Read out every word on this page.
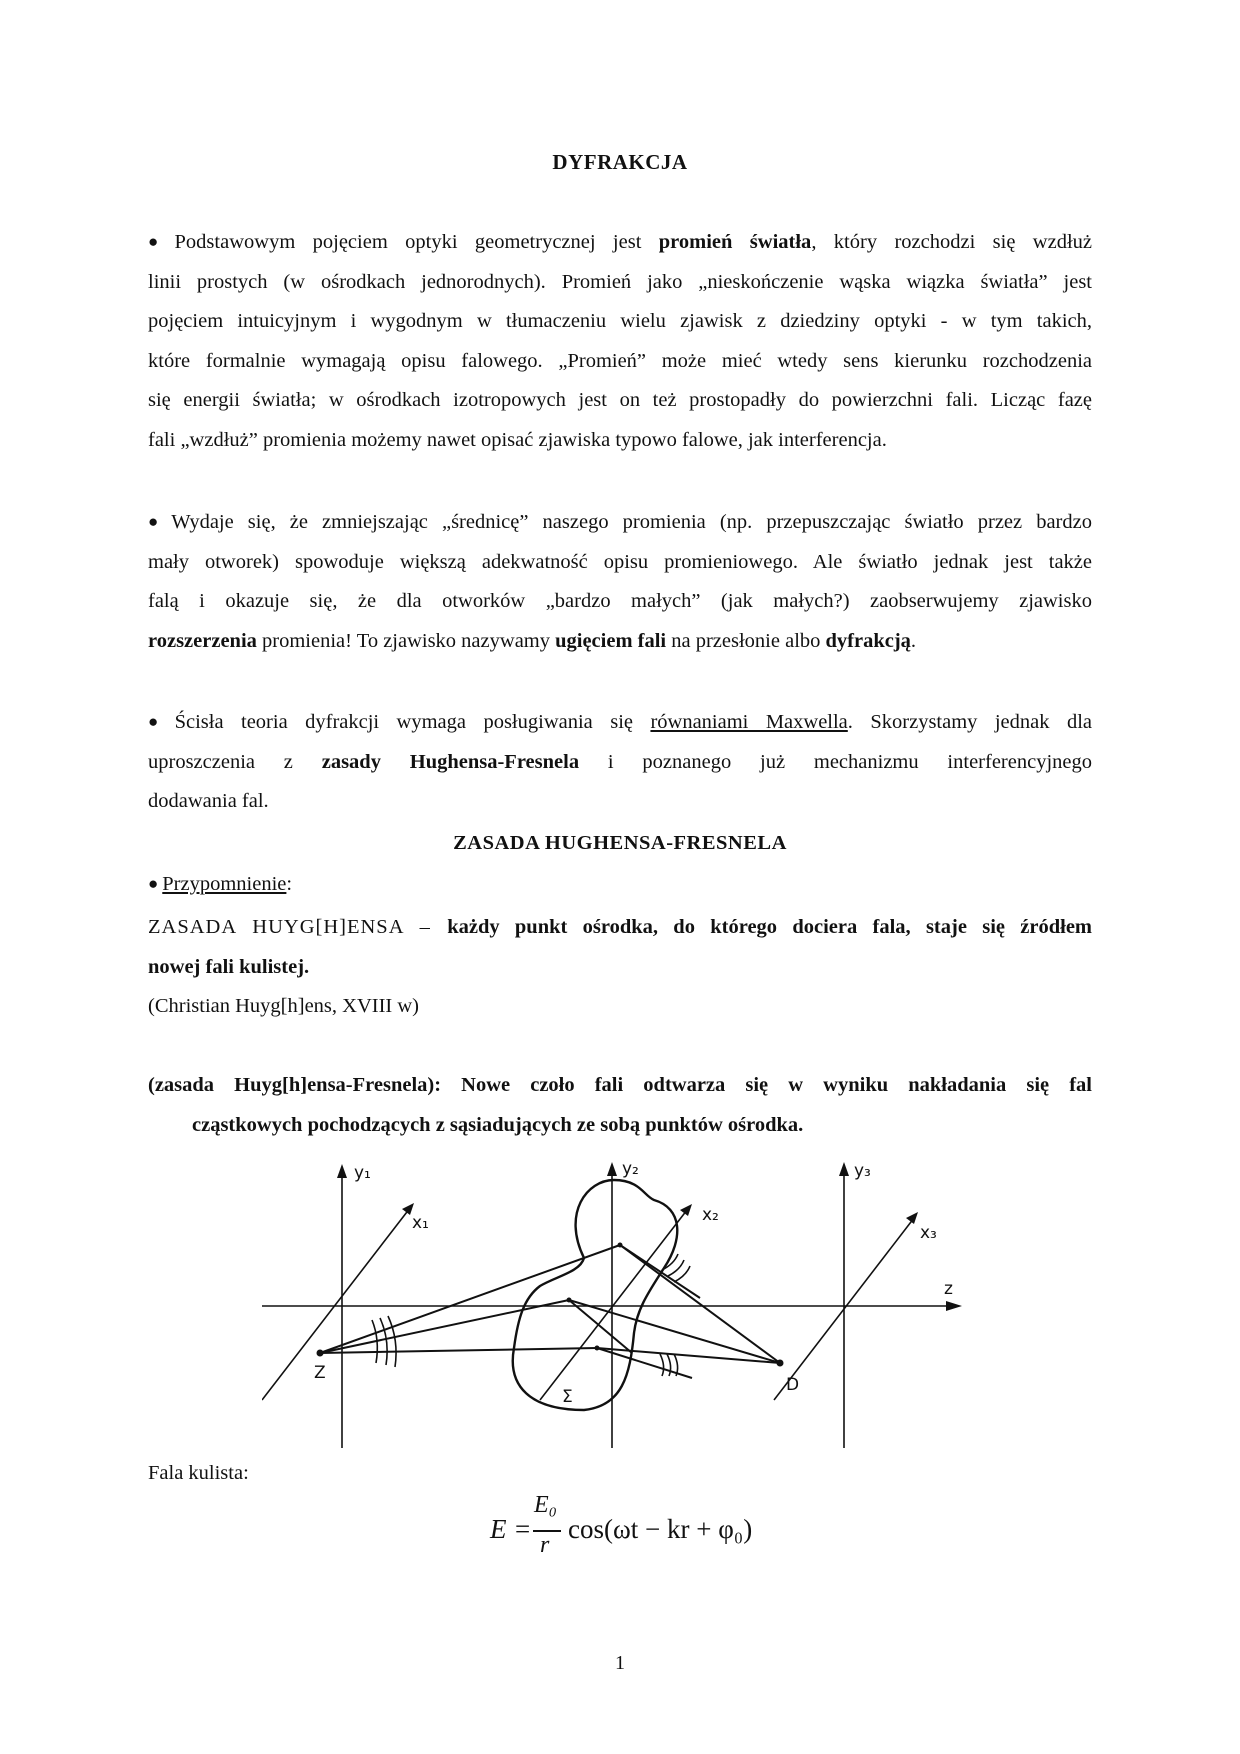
DYFRAKCJA
● Podstawowym pojęciem optyki geometrycznej jest promień światła, który rozchodzi się wzdłuż
linii prostych (w ośrodkach jednorodnych). Promień jako „nieskończenie wąska wiązka światła” jest
pojęciem intuicyjnym i wygodnym w tłumaczeniu wielu zjawisk z dziedziny optyki - w tym takich,
które formalnie wymagają opisu falowego. „Promień” może mieć wtedy sens kierunku rozchodzenia
się energii światła; w ośrodkach izotropowych jest on też prostopadły do powierzchni fali. Licząc fazę
fali „wzdłuż” promienia możemy nawet opisać zjawiska typowo falowe, jak interferencja.
● Wydaje się, że zmniejszając „średnicę” naszego promienia (np. przepuszczając światło przez bardzo
mały otworek) spowoduje większą adekwatność opisu promieniowego. Ale światło jednak jest także
falą i okazuje się, że dla otworków „bardzo małych” (jak małych?) zaobserwujemy zjawisko
rozszerzenia promienia! To zjawisko nazywamy ugięciem fali na przesłonie albo dyfrakcją.
● Ścisła teoria dyfrakcji wymaga posługiwania się równaniami Maxwella. Skorzystamy jednak dla
uproszczenia z zasady Hughensa-Fresnela i poznanego już mechanizmu interferencyjnego
dodawania fal.
ZASADA HUGHENSA-FRESNELA
● Przypomnienie:
ZASADA HUYG[H]ENSA – każdy punkt ośrodka, do którego dociera fala, staje się źródłem
nowej fali kulistej.
(Christian Huyg[h]ens, XVIII w)
(zasada Huyg[h]ensa-Fresnela): Nowe czoło fali odtwarza się w wyniku nakładania się fal
cząstkowych pochodzących z sąsiadujących ze sobą punktów ośrodka.
y₁
x₁
y₂
x₂
y₃
x₃
z
Z
D
Σ
Fala kulista:
E =
E₀
r
cos(ωt − kr + φ₀)
1
